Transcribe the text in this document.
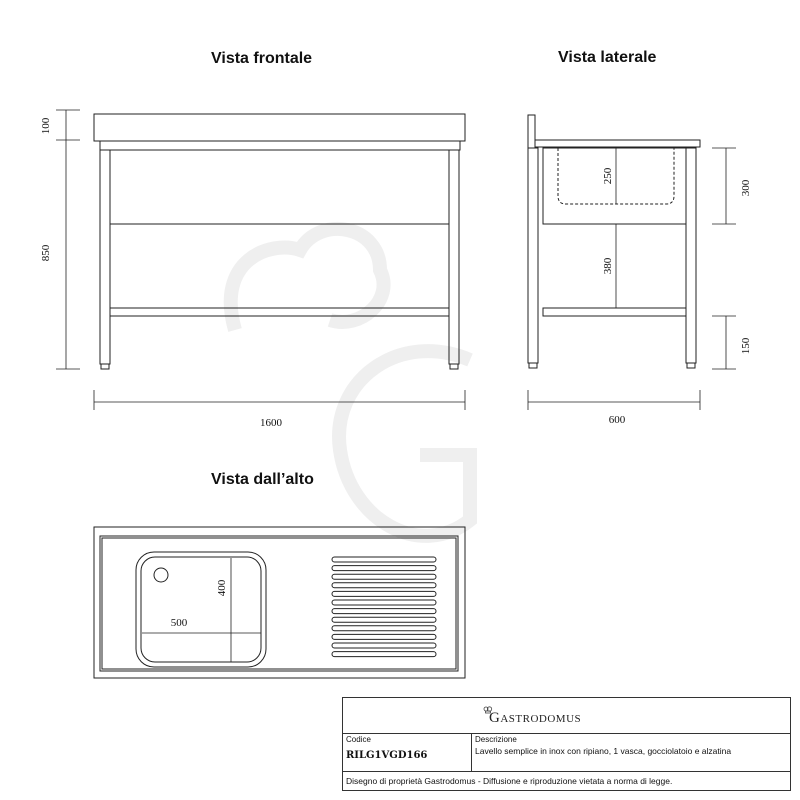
Vista frontale	Vista laterale
Vista dall’alto
100
850
1600
250
300
380
150
600
400
500
Gastrodomus
Codice
RILG1VGD166
Descrizione
Lavello semplice in inox con ripiano, 1 vasca, gocciolatoio e alzatina
Disegno di proprietà Gastrodomus - Diffusione e riproduzione vietata a norma di legge.
